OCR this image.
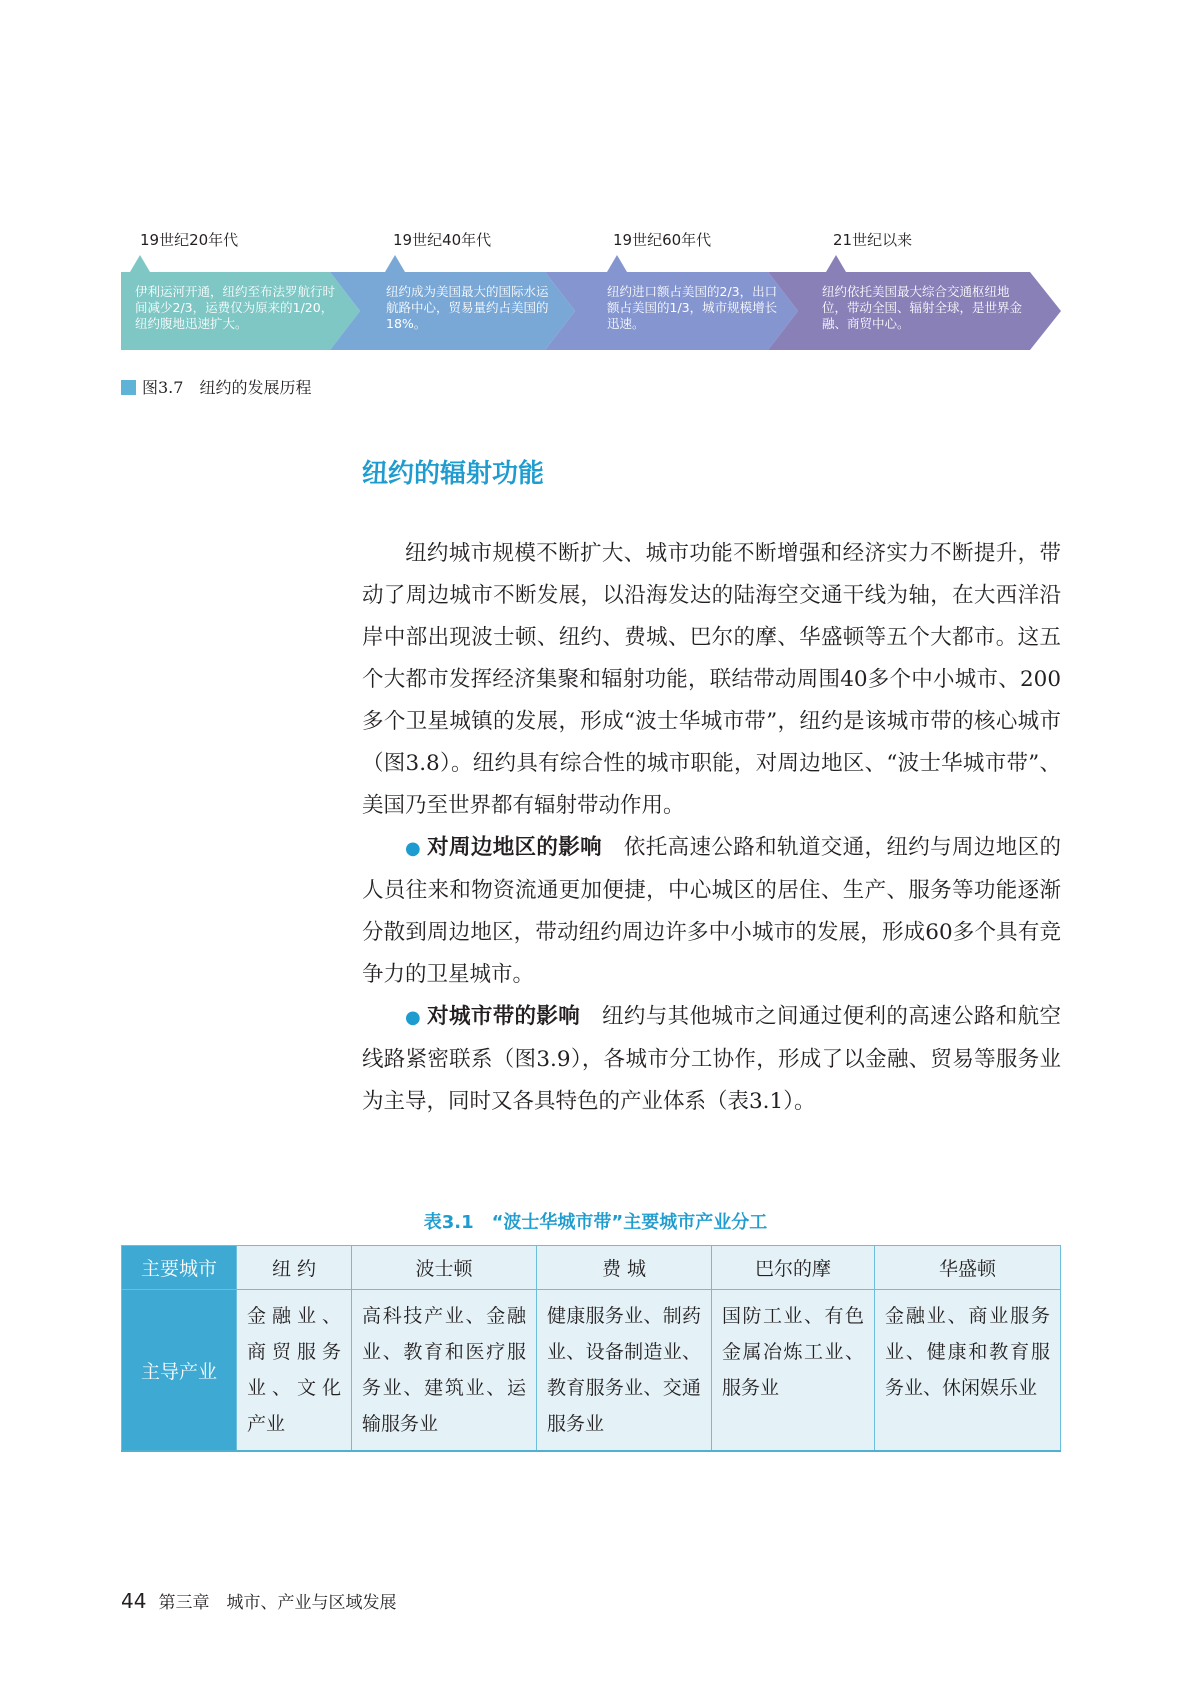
19世纪20年代	19世纪40年代	19世纪60年代	21世纪以来
伊利运河开通，纽约至布法罗航行时间减少2/3，运费仅为原来的1/20，纽约腹地迅速扩大。
纽约成为美国最大的国际水运航路中心，贸易量约占美国的18%。
纽约进口额占美国的2/3，出口额占美国的1/3，城市规模增长迅速。
纽约依托美国最大综合交通枢纽地位，带动全国、辐射全球，是世界金融、商贸中心。
图3.7　纽约的发展历程
纽约的辐射功能

纽约城市规模不断扩大、城市功能不断增强和经济实力不断提升，带动了周边城市不断发展，以沿海发达的陆海空交通干线为轴，在大西洋沿岸中部出现波士顿、纽约、费城、巴尔的摩、华盛顿等五个大都市。这五个大都市发挥经济集聚和辐射功能，联结带动周围40多个中小城市、200多个卫星城镇的发展，形成“波士华城市带”，纽约是该城市带的核心城市（图3.8）。纽约具有综合性的城市职能，对周边地区、“波士华城市带”、美国乃至世界都有辐射带动作用。

● 对周边地区的影响　 依托高速公路和轨道交通，纽约与周边地区的人员往来和物资流通更加便捷，中心城区的居住、生产、服务等功能逐渐分散到周边地区，带动纽约周边许多中小城市的发展，形成60多个具有竞争力的卫星城市。

● 对城市带的影响　 纽约与其他城市之间通过便利的高速公路和航空线路紧密联系（图3.9），各城市分工协作，形成了以金融、贸易等服务业为主导，同时又各具特色的产业体系（表3.1）。

表3.1　“波士华城市带”主要城市产业分工
主要城市	纽 约	波士顿	费 城	巴尔的摩	华盛顿
主导产业	金融业、商贸服务业、文化产业	高科技产业、金融业、教育和医疗服务业、建筑业、运输服务业	健康服务业、制药业、设备制造业、教育服务业、交通服务业	国防工业、有色金属冶炼工业、服务业	金融业、商业服务业、健康和教育服务业、休闲娱乐业
44 第三章　城市、产业与区域发展
